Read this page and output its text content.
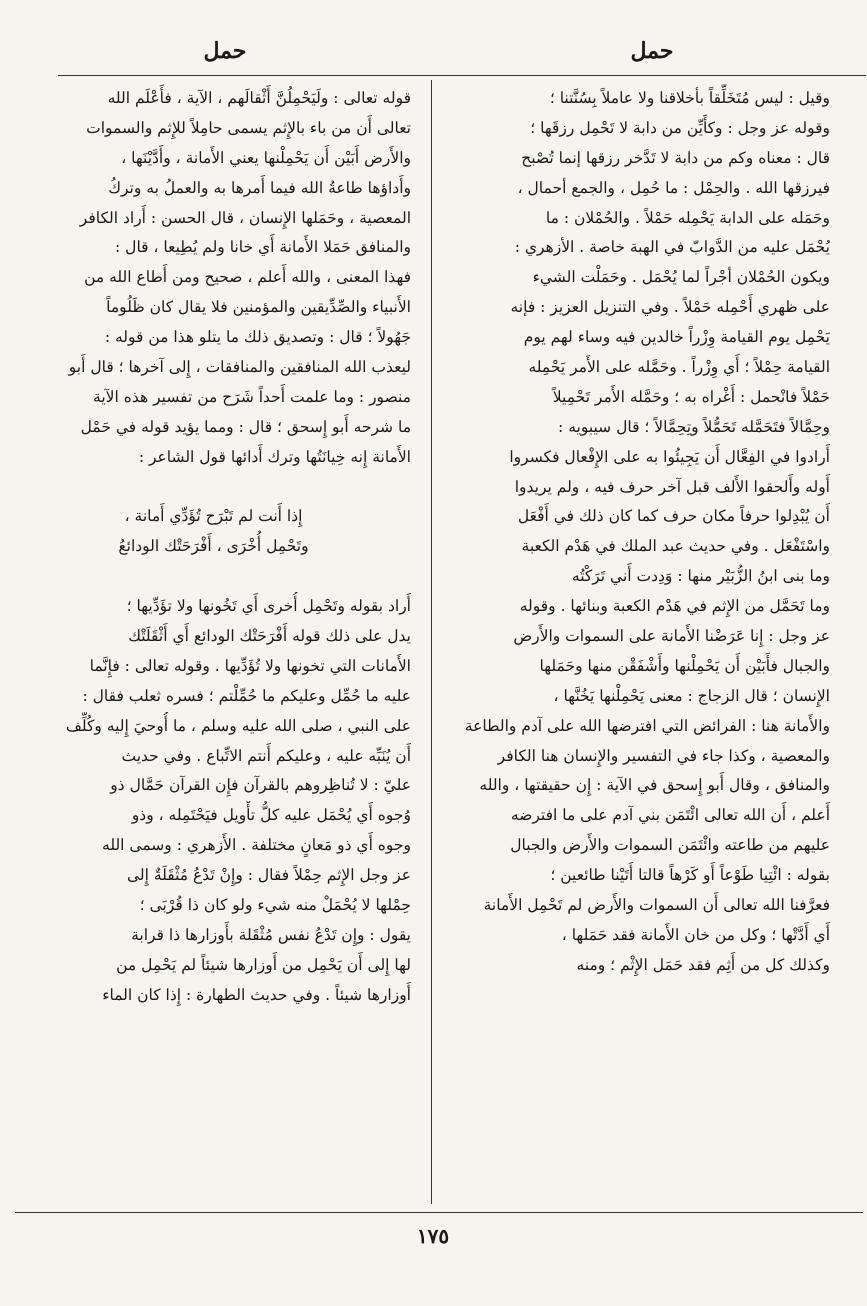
حمل	حمل
وقيل : ليس مُتَخَلِّقاً بأخلاقنا ولا عاملاً بِسُنَّتنا ؛
وقوله عز وجل : وكأَيِّن من دابة لا تَحْمِل رزقَها ؛
قال : معناه وكم من دابة لا تَدَّخر رزقها إنما تُصْبح
فيرزقها الله . والحِمْل : ما حُمِل ، والجمع أحمال ،
وحَمَله على الدابة يَحْمِله حَمْلاً . والحُمْلان : ما
يُحْمَل عليه من الدَّوابّ في الهبة خاصة . الأزهري :
ويكون الحُمْلان أجْراً لما يُحْمَل . وحَمَلْت الشيء
على ظهري أَحْمِله حَمْلاً . وفي التنزيل العزيز : فإنه
يَحْمِل يوم القيامة وِزْراً خالدين فيه وساء لهم يوم
القيامة حِمْلاً ؛ أَي وِزْراً . وحَمَّله على الأَمر يَحْمِله
حَمْلاً فانْحمل : أَغْراه به ؛ وحَمَّله الأَمر تَحْمِيلاً
وحِمَّالاً فتَحَمَّله تَحَمُّلاً وتِحِمَّالاً ؛ قال سيبويه :
أَرادوا في الفِعَّال أَن يَجِيئُوا به على الإِفْعال فكسروا
أَوله وأَلحقوا الأَلف قبل آخر حرف فيه ، ولم يريدوا
أَن يُبْدِلوا حرفاً مكان حرف كما كان ذلك في أَفْعَل
واسْتَفْعَل . وفي حديث عبد الملك في هَدْم الكعبة
وما بنى ابنُ الزُّبَيْر منها : وَدِدت أَني تَرَكْتُه
وما تَحَمَّل من الإِثم في هَدْم الكعبة وبنائها . وقوله
عز وجل : إِنا عَرَضْنا الأَمانة على السموات والأَرض
والجبال فأَبَيْن أَن يَحْمِلْنها وأَشْفَقْن منها وحَمَلها
الإِنسان ؛ قال الزجاج : معنى يَحْمِلْنها يَخُنَّها ،
والأَمانة هنا : الفرائض التي افترضها الله على آدم والطاعة
والمعصية ، وكذا جاء في التفسير والإِنسان هنا الكافر
والمنافق ، وقال أَبو إِسحق في الآية : إِن حقيقتها ، والله
أَعلم ، أَن الله تعالى ائْتَمَن بني آدم على ما افترضه
عليهم من طاعته وائْتَمَن السموات والأَرض والجبال
بقوله : ائْتِيا طَوْعاً أَو كَرْهاً قالتا أَتَيْنا طائعين ؛
فعرَّفنا الله تعالى أَن السموات والأَرض لم تَحْمِل الأَمانة
أَي أَدَّتْها ؛ وكل من خان الأَمانة فقد حَمَلها ،
وكذلك كل من أَثِم فقد حَمَل الإِثْم ؛ ومنه
قوله تعالى : ولَيَحْمِلُنَّ أَثْقالَهم ، الآية ، فأَعْلَم الله
تعالى أَن من باء بالإِثم يسمى حامِلاً للإِثم والسموات
والأَرض أَبَيْن أَن يَحْمِلْنها يعني الأَمانة ، وأَدَّيْنَها ،
وأَداؤها طاعةُ الله فيما أَمرها به والعملُ به وتركُ
المعصية ، وحَمَلها الإِنسان ، قال الحسن : أَراد الكافر
والمنافق حَمَلا الأَمانة أَي خانا ولم يُطِيعا ، قال :
فهذا المعنى ، والله أَعلم ، صحيح ومن أَطاع الله من
الأَنبياء والصِّدِّيقين والمؤمنين فلا يقال كان ظَلُوماً
جَهُولاً ؛ قال : وتصديق ذلك ما يتلو هذا من قوله :
ليعذب الله المنافقين والمنافقات ، إِلى آخرها ؛ قال أَبو
منصور : وما علمت أَحداً شَرَح من تفسير هذه الآية
ما شرحه أَبو إِسحق ؛ قال : ومما يؤيد قوله في حَمْل
الأَمانة إِنه خِيانَتُها وترك أَدائها قول الشاعر :
إِذا أَنت لم تَبْرَح تُؤَدِّي أَمانة ،
وتَحْمِل أُخْرَى ، أَفْرَحَتْك الودائعُ
أَراد بقوله وتَحْمِل أُخرى أَي تَخُونها ولا تؤَدِّيها ؛
يدل على ذلك قوله أَفْرَحَتْك الودائع أَي أَثْقَلَتْك
الأَمانات التي تخونها ولا تُؤَدِّيها . وقوله تعالى : فإِنَّما
عليه ما حُمِّل وعليكم ما حُمِّلْتم ؛ فسره ثعلب فقال :
على النبي ، صلى الله عليه وسلم ، ما أُوحيَ إِليه وكُلِّف
أَن يُنَبِّه عليه ، وعليكم أَنتم الاتِّباع . وفي حديث
عليّ : لا تُناظِروهم بالقرآن فإِن القرآن حَمَّال ذو
وُجوه أَي يُحْمَل عليه كلُّ تأْويل فيَحْتَمِله ، وذو
وجوه أَي ذو مَعانٍ مختلفة . الأَزهري : وسمى الله
عز وجل الإِثم حِمْلاً فقال : وإِنْ تَدْعُ مُثْقَلَةٌ إِلى
حِمْلها لا يُحْمَلْ منه شيء ولو كان ذا قُرْبَى ؛
يقول : وإِن تَدْعُ نفس مُثْقَلة بأَوزارها ذا قرابة
لها إِلى أَن يَحْمِل من أَوزارها شيئاً لم يَحْمِل من
أَوزارها شيئاً . وفي حديث الطهارة : إِذا كان الماء
١٧٥
